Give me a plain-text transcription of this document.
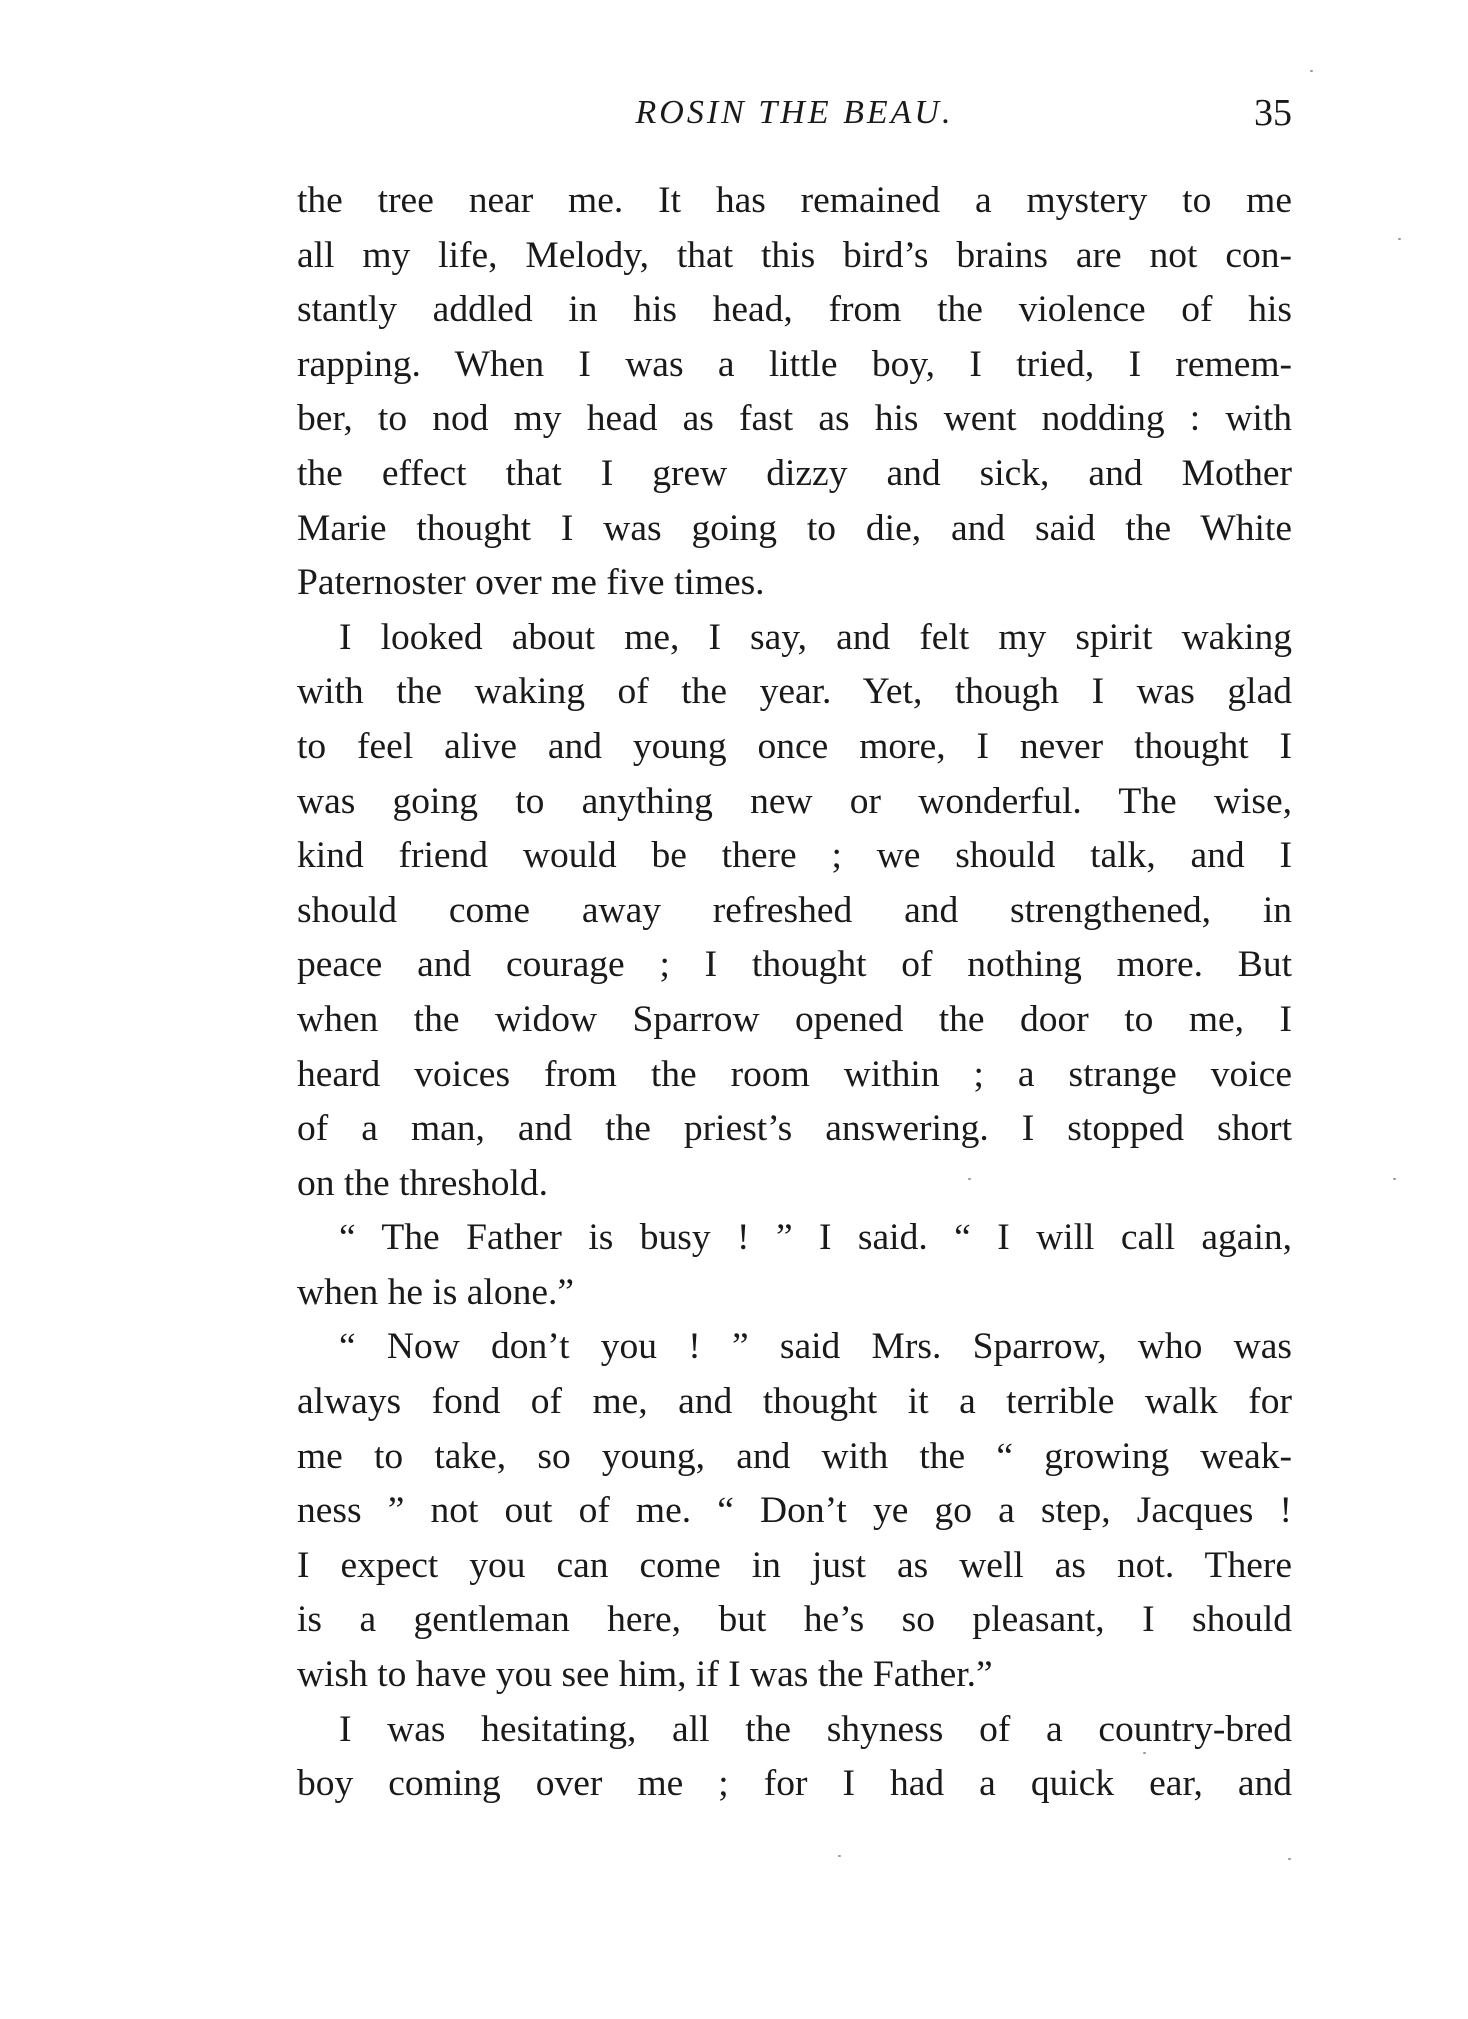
ROSIN THE BEAU.	35
the tree near me. It has remained a mystery to me
all my life, Melody, that this bird’s brains are not con-
stantly addled in his head, from the violence of his
rapping. When I was a little boy, I tried, I remem-
ber, to nod my head as fast as his went nodding : with
the effect that I grew dizzy and sick, and Mother
Marie thought I was going to die, and said the White
Paternoster over me five times.
I looked about me, I say, and felt my spirit waking
with the waking of the year. Yet, though I was glad
to feel alive and young once more, I never thought I
was going to anything new or wonderful. The wise,
kind friend would be there ; we should talk, and I
should come away refreshed and strengthened, in
peace and courage ; I thought of nothing more. But
when the widow Sparrow opened the door to me, I
heard voices from the room within ; a strange voice
of a man, and the priest’s answering. I stopped short
on the threshold.
“ The Father is busy ! ” I said. “ I will call again,
when he is alone.”
“ Now don’t you ! ” said Mrs. Sparrow, who was
always fond of me, and thought it a terrible walk for
me to take, so young, and with the “ growing weak-
ness ” not out of me. “ Don’t ye go a step, Jacques !
I expect you can come in just as well as not. There
is a gentleman here, but he’s so pleasant, I should
wish to have you see him, if I was the Father.”
I was hesitating, all the shyness of a country-bred
boy coming over me ; for I had a quick ear, and
